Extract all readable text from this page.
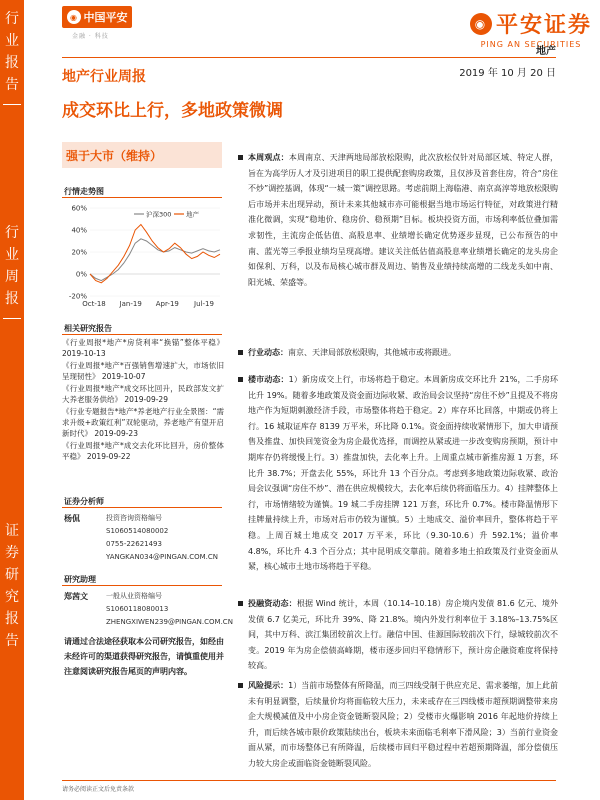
行业报告
行业周报
证券研究报告
◉ 中国平安
金融 · 科技
◉ 平安证券
PING AN SECURITIES
地产
地产行业周报	2019 年 10 月 20 日
成交环比上行，多地政策微调
强于大市（维持）
行情走势图
60%
40%
20%
0%
-20%
Oct-18 Jan-19 Apr-19 Jul-19
沪深300 地产
相关研究报告
《行业周报*地产*房贷利率“换锚”整体平稳》 2019-10-13
《行业周报*地产*百强销售增速扩大，市场依旧呈现韧性》 2019-10-07
《行业周报*地产*成交环比回升，民政部发文扩大养老服务供给》 2019-09-29
《行业专题报告*地产*养老地产行业全景图：“需求升级+政策红利”双轮驱动，养老地产有望开启新时代》 2019-09-23
《行业周报*地产*成交去化环比回升，房价整体平稳》 2019-09-22
证券分析师
杨侃	投资咨询资格编号
S1060514080002
0755-22621493
YANGKAN034@PINGAN.COM.CN
研究助理
郑茜文	一般从业资格编号
S1060118080013
ZHENGXIWEN239@PINGAN.COM.CN
请通过合法途径获取本公司研究报告，如经由未经许可的渠道获得研究报告，请慎重使用并注意阅读研究报告尾页的声明内容。
本周观点：本周南京、天津两地局部放松限购，此次放松仅针对局部区域、特定人群，旨在为高学历人才及引进项目的职工提供配套购房政策，且仅涉及首套住房，符合“房住不炒”调控基调，体现“一城一策”调控思路。考虑前期上海临港、南京高淳等地放松限购后市场并未出现异动，预计未来其他城市亦可能根据当地市场运行特征，对政策进行精准化微调，实现“稳地价、稳房价、稳预期”目标。板块投资方面，市场利率低位叠加需求韧性，主流房企低估值、高股息率、业绩增长确定优势逐步显现，已公布预告的中南、蓝光等三季报业绩均呈现高增。建议关注低估值高股息率业绩增长确定的龙头房企如保利、万科，以及布局核心城市群及周边、销售及业绩持续高增的二线龙头如中南、阳光城、荣盛等。
行业动态：南京、天津局部放松限购，其他城市或将跟进。
楼市动态：1）新房成交上行，市场将趋于稳定。本周新房成交环比升 21%，二手房环比升 19%。随着多地政策及资金面边际收紧、政治局会议坚持“房住不炒”且提及不将房地产作为短期刺激经济手段，市场整体将趋于稳定。2）库存环比回落，中期或仍将上行。16 城取证库存 8139 万平米，环比降 0.1%。资金面持续收紧情形下，加大申请预售及推盘、加快回笼资金为房企最优选择，而调控从紧或进一步改变购房预期，预计中期库存仍将缓慢上行。3）推盘加快，去化率上升。上周重点城市新推房源 1 万套，环比升 38.7%；开盘去化 55%，环比升 13 个百分点。考虑到多地政策边际收紧、政治局会议强调“房住不炒”、潜在供应规模较大，去化率后续仍将面临压力。4）挂牌整体上行，市场情绪较为谨慎。19 城二手房挂牌 121 万套，环比升 0.7%。楼市降温情形下挂牌量持续上升，市场对后市仍较为谨慎。5）土地成交、溢价率回升，整体将趋于平稳。上周百城土地成交 2017 万平米，环比（9.30-10.6）升 592.1%；溢价率 4.8%，环比升 4.3 个百分点；其中昆明成交靠前。随着多地土拍政策及行业资金面从紧，核心城市土地市场将趋于平稳。
投融资动态：根据 Wind 统计，本周（10.14–10.18）房企境内发债 81.6 亿元、境外发债 6.7 亿美元，环比升 39%、降 21.8%。境内外发行利率位于 3.18%–13.75%区间，其中万科、滨江集团较前次上行。融信中国、佳源国际较前次下行，绿城较前次不变。2019 年为房企偿债高峰期，楼市逐步回归平稳情形下，预计房企融资难度将保持较高。
风险提示：1）当前市场整体有所降温，而三四线受制于供应充足、需求萎缩，加上此前未有明显调整，后续量价均将面临较大压力，未来或存在三四线楼市超预期调整带来房企大规模减值及中小房企资金链断裂风险；2）受楼市火爆影响 2016 年起地价持续上升，而后续各城市限价政策陆续出台，板块未来面临毛利率下滑风险；3）当前行业资金面从紧，而市场整体已有所降温，后续楼市回归平稳过程中若超预期降温，部分偿债压力较大房企或面临资金链断裂风险。
请务必阅读正文后免责条款
